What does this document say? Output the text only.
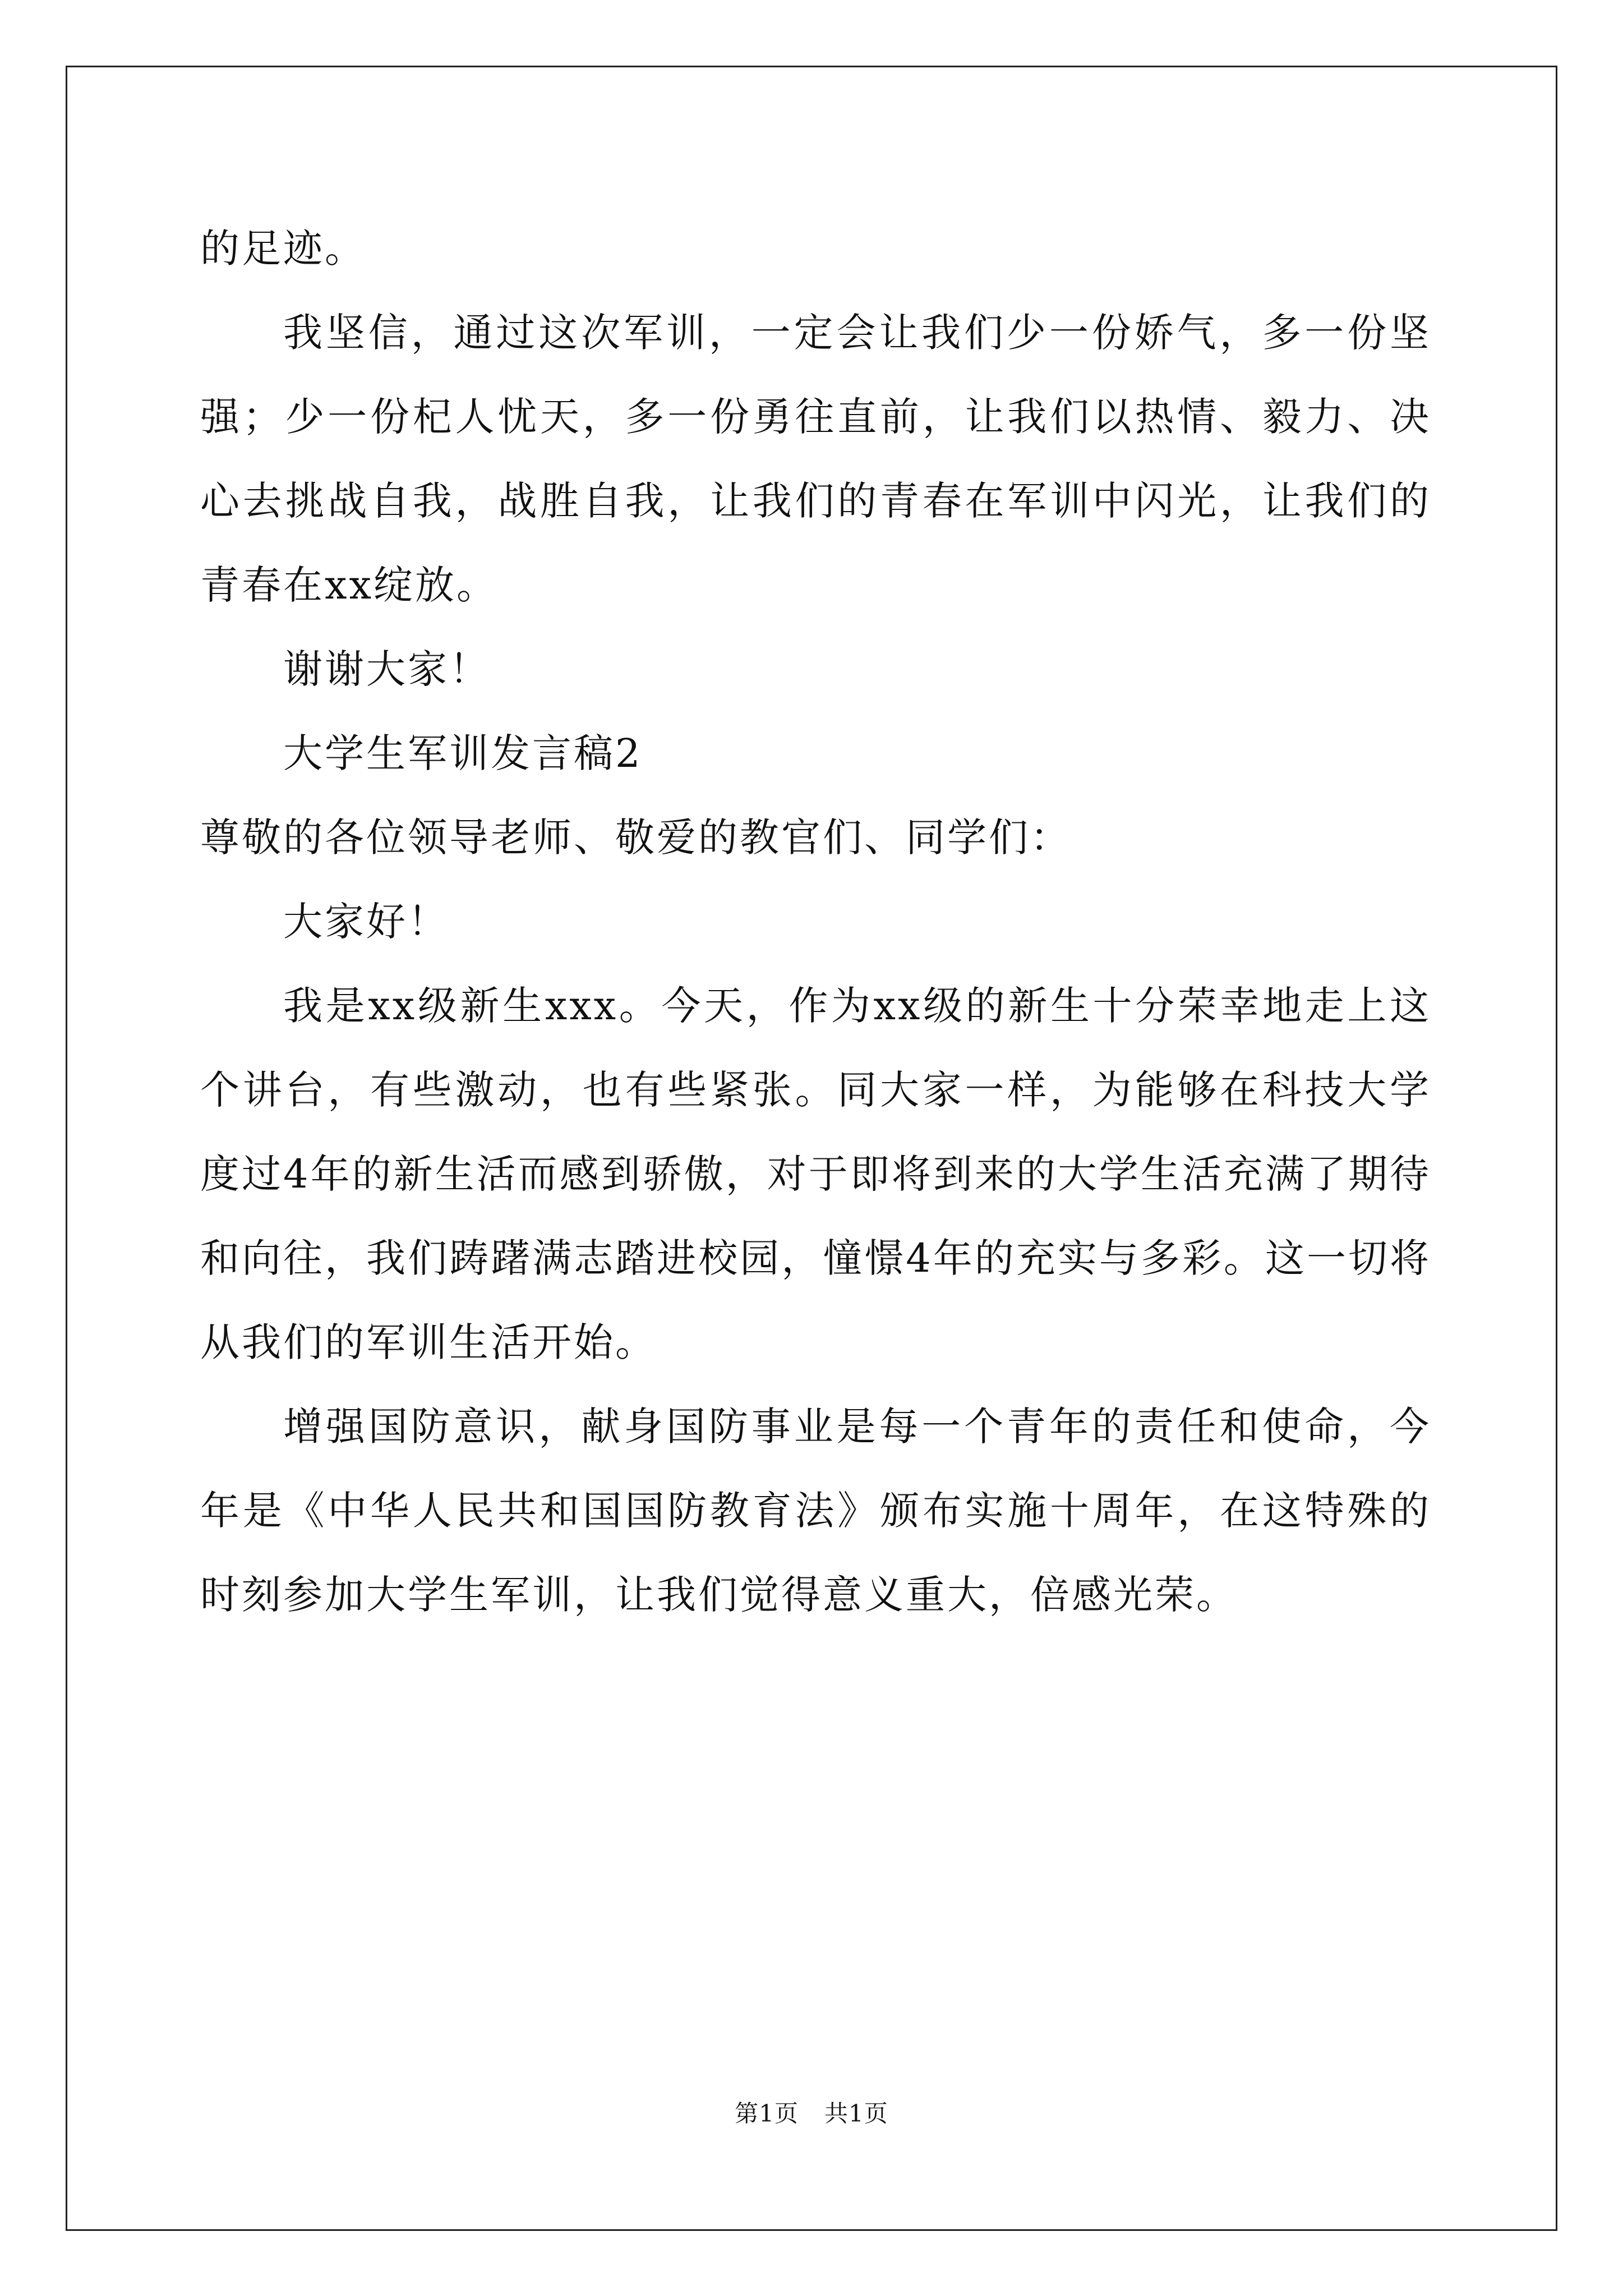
的足迹。

我坚信，通过这次军训，一定会让我们少一份娇气，多一份坚强；少一份杞人忧天，多一份勇往直前，让我们以热情、毅力、决心去挑战自我，战胜自我，让我们的青春在军训中闪光，让我们的青春在xx绽放。

谢谢大家！

大学生军训发言稿2

尊敬的各位领导老师、敬爱的教官们、同学们：

大家好！

我是xx级新生xxx。今天，作为xx级的新生十分荣幸地走上这个讲台，有些激动，也有些紧张。同大家一样，为能够在科技大学度过4年的新生活而感到骄傲，对于即将到来的大学生活充满了期待和向往，我们踌躇满志踏进校园，憧憬4年的充实与多彩。这一切将从我们的军训生活开始。

增强国防意识，献身国防事业是每一个青年的责任和使命，今年是《中华人民共和国国防教育法》颁布实施十周年，在这特殊的时刻参加大学生军训，让我们觉得意义重大，倍感光荣。

第1页 共1页
